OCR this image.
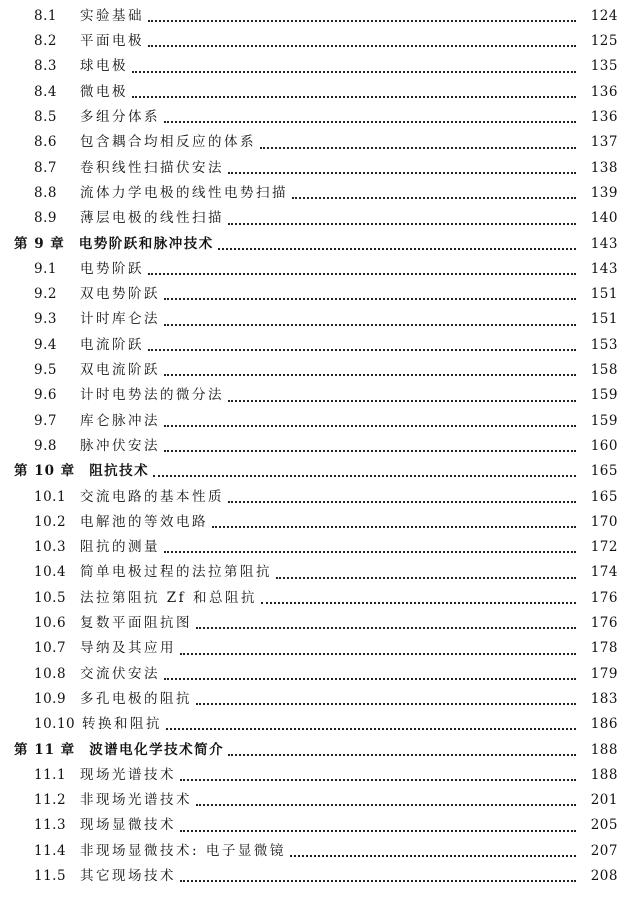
8.1	实验基础	124
8.2	平面电极	125
8.3	球电极	135
8.4	微电极	136
8.5	多组分体系	136
8.6	包含耦合均相反应的体系	137
8.7	卷积线性扫描伏安法	138
8.8	流体力学电极的线性电势扫描	139
8.9	薄层电极的线性扫描	140
第 9 章 电势阶跃和脉冲技术	143
9.1	电势阶跃	143
9.2	双电势阶跃	151
9.3	计时库仑法	151
9.4	电流阶跃	153
9.5	双电流阶跃	158
9.6	计时电势法的微分法	159
9.7	库仑脉冲法	159
9.8	脉冲伏安法	160
第 10 章 阻抗技术	165
10.1	交流电路的基本性质	165
10.2	电解池的等效电路	170
10.3	阻抗的测量	172
10.4	简单电极过程的法拉第阻抗	174
10.5	法拉第阻抗 Zf 和总阻抗	176
10.6	复数平面阻抗图	176
10.7	导纳及其应用	178
10.8	交流伏安法	179
10.9	多孔电极的阻抗	183
10.10 转换和阻抗	186
第 11 章 波谱电化学技术简介	188
11.1	现场光谱技术	188
11.2	非现场光谱技术	201
11.3	现场显微技术	205
11.4	非现场显微技术: 电子显微镜	207
11.5	其它现场技术	208
